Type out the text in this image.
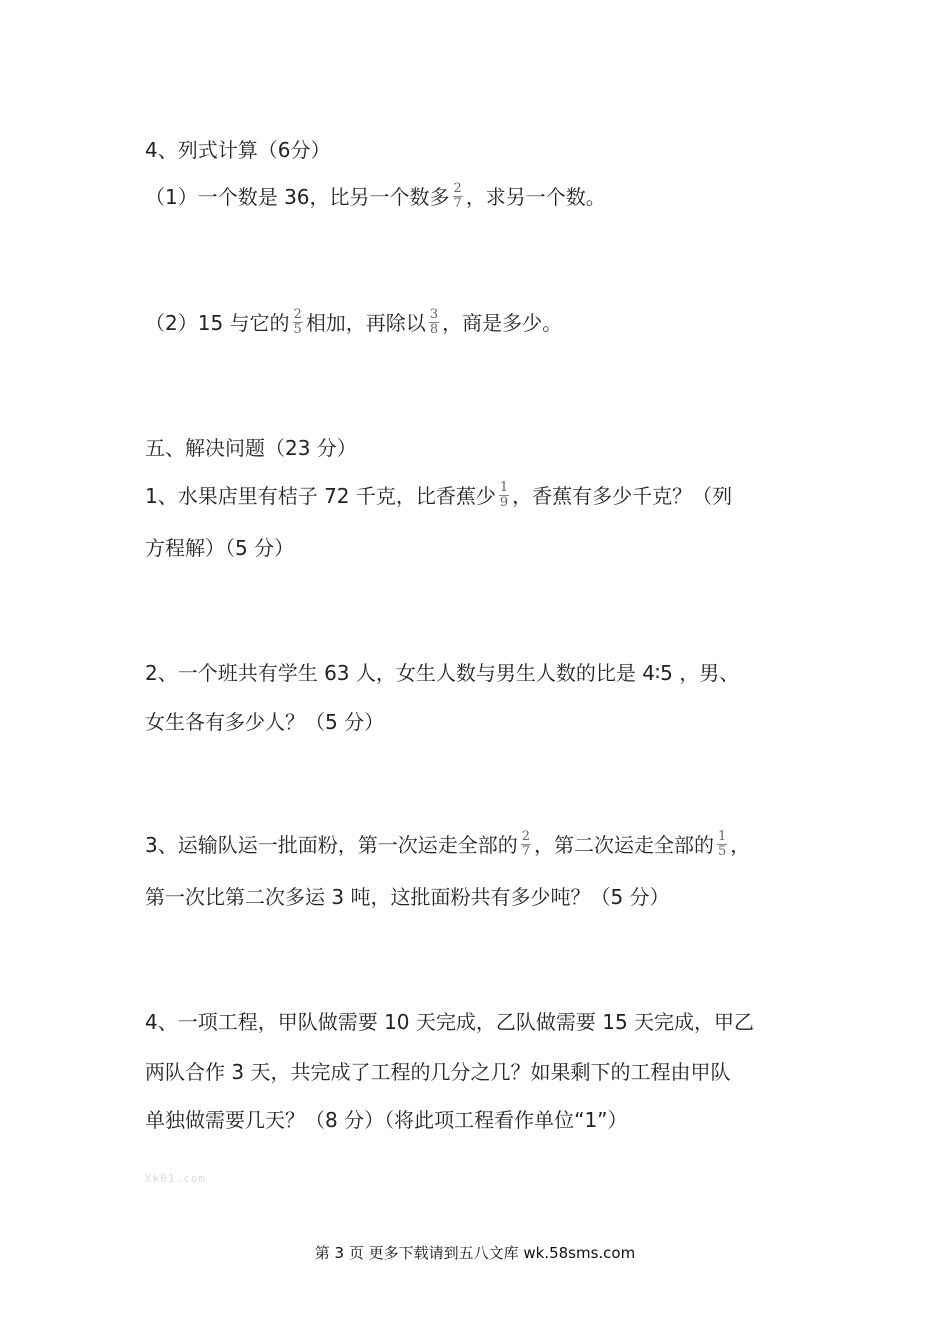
4、列式计算（6分）
（1）一个数是 36，比另一个数多 $\frac{2}{7}$ ，求另一个数。
（2）15 与它的 $\frac{2}{5}$ 相加，再除以 $\frac{3}{8}$ ，商是多少。
五、解决问题（23 分）
1、水果店里有桔子 72 千克，比香蕉少 $\frac{1}{9}$ ，香蕉有多少千克？（列
方程解）（5 分）
2、一个班共有学生 63 人，女生人数与男生人数的比是 4∶5 ，男、
女生各有多少人？（5 分）
3、运输队运一批面粉，第一次运走全部的 $\frac{2}{7}$ ，第二次运走全部的 $\frac{1}{5}$ ，
第一次比第二次多运 3 吨，这批面粉共有多少吨？（5 分）
4、一项工程，甲队做需要 10 天完成，乙队做需要 15 天完成，甲乙
两队合作 3 天，共完成了工程的几分之几？如果剩下的工程由甲队
单独做需要几天？（8 分）（将此项工程看作单位“1”）
XkB1.com
第 3 页 更多下载请到五八文库 wk.58sms.com
